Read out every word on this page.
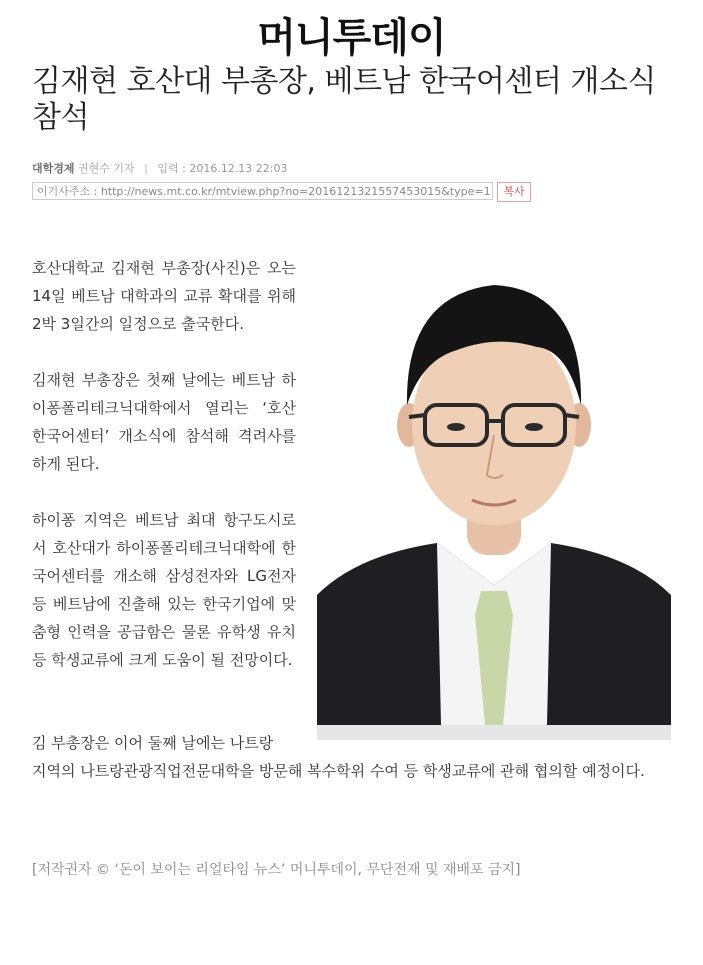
머니투데이
김재현 호산대 부총장, 베트남 한국어센터 개소식 참석
대학경제 권현수 기자 | 입력 : 2016.12.13 22:03
이기사주소 : http://news.mt.co.kr/mtview.php?no=2016121321557453015&type=1	복사

호산대학교 김재현 부총장(사진)은 오는 14일 베트남 대학과의 교류 확대를 위해 2박 3일간의 일정으로 출국한다.

김재현 부총장은 첫째 날에는 베트남 하이퐁폴리테크닉대학에서 열리는 ‘호산 한국어센터’ 개소식에 참석해 격려사를 하게 된다.

하이퐁 지역은 베트남 최대 항구도시로서 호산대가 하이퐁폴리테크닉대학에 한국어센터를 개소해 삼성전자와 LG전자 등 베트남에 진출해 있는 한국기업에 맞춤형 인력을 공급함은 물론 유학생 유치 등 학생교류에 크게 도움이 될 전망이다.

김 부총장은 이어 둘째 날에는 나트랑

지역의 나트랑관광직업전문대학을 방문해 복수학위 수여 등 학생교류에 관해 협의할 예정이다.

[저작권자 © ‘돈이 보이는 리얼타임 뉴스’ 머니투데이, 무단전재 및 재배포 금지]
